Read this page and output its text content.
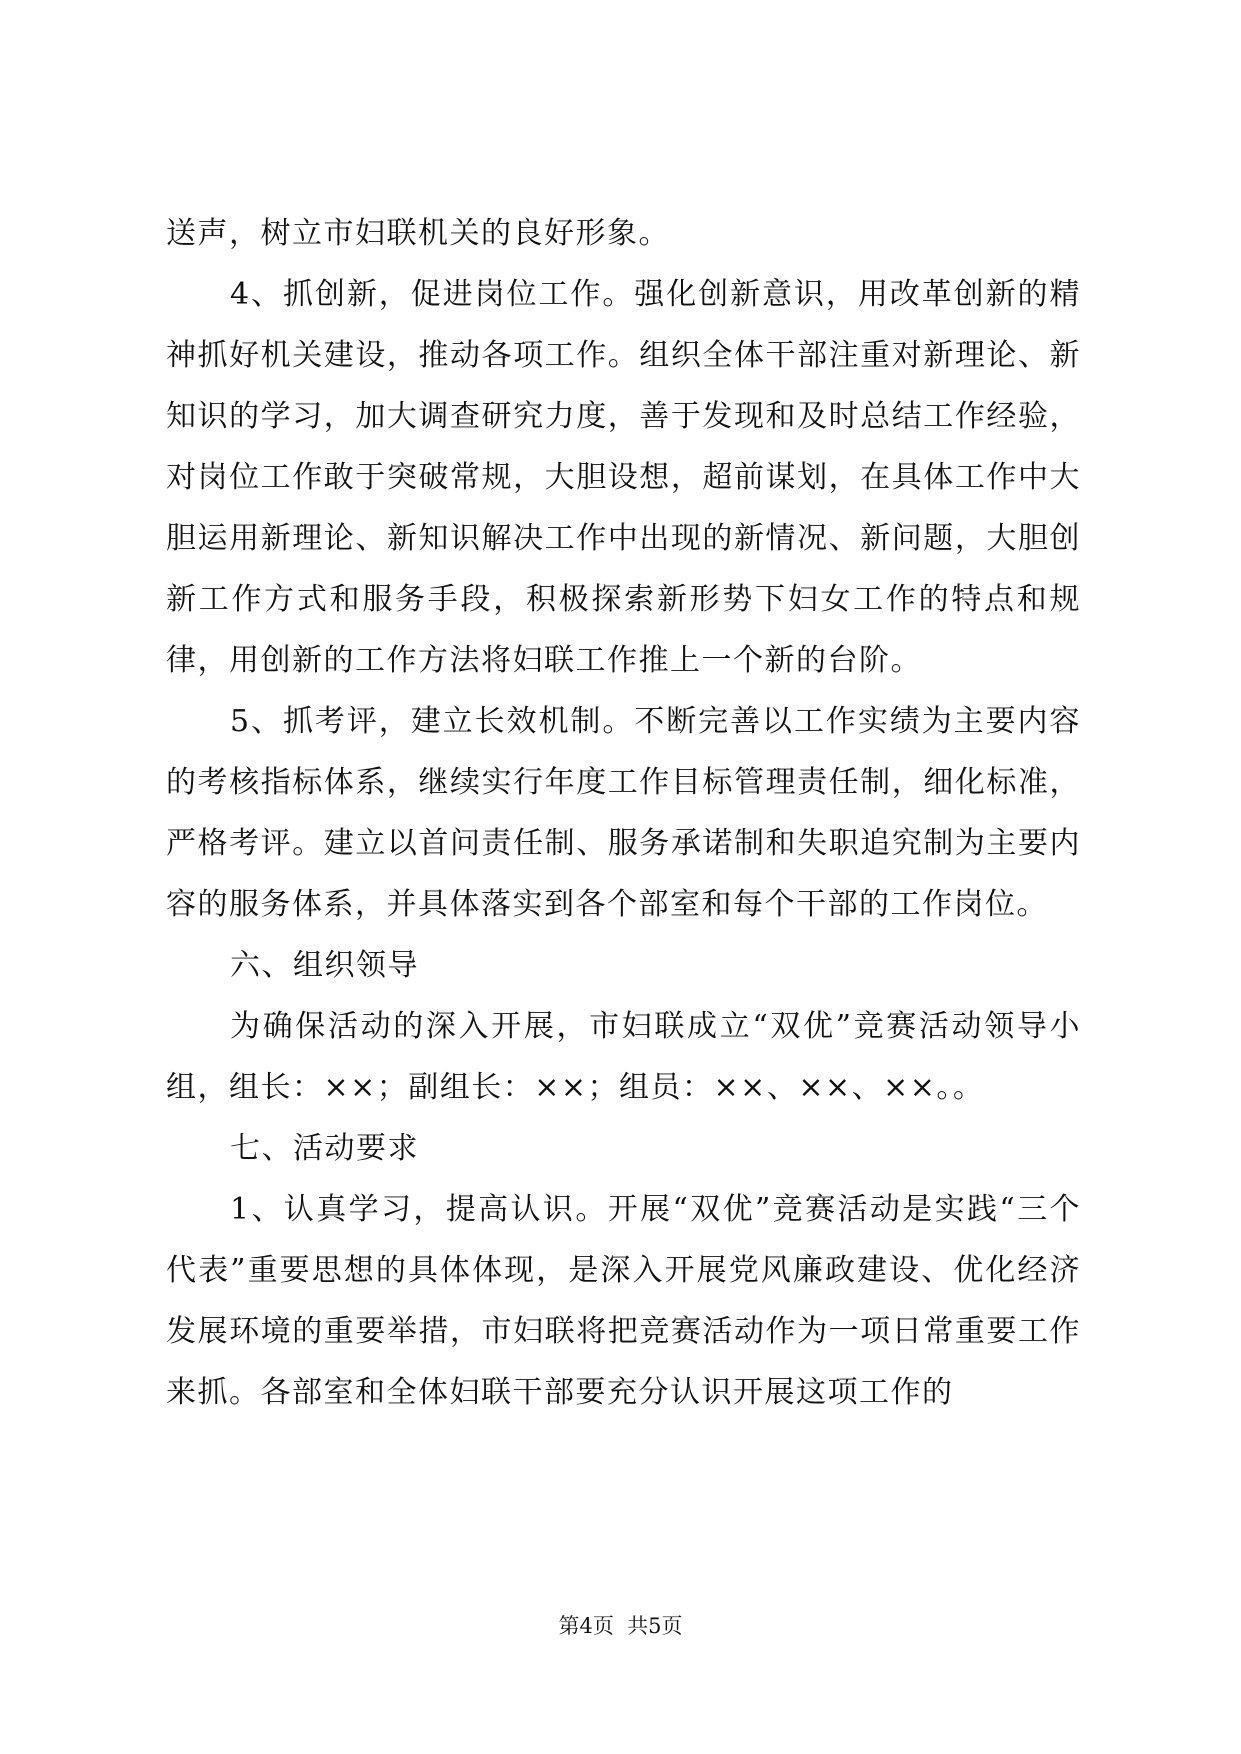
送声，树立市妇联机关的良好形象。

4、抓创新，促进岗位工作。强化创新意识，用改革创新的精神抓好机关建设，推动各项工作。组织全体干部注重对新理论、新知识的学习，加大调查研究力度，善于发现和及时总结工作经验，对岗位工作敢于突破常规，大胆设想，超前谋划，在具体工作中大胆运用新理论、新知识解决工作中出现的新情况、新问题，大胆创新工作方式和服务手段，积极探索新形势下妇女工作的特点和规律，用创新的工作方法将妇联工作推上一个新的台阶。

5、抓考评，建立长效机制。不断完善以工作实绩为主要内容的考核指标体系，继续实行年度工作目标管理责任制，细化标准，严格考评。建立以首问责任制、服务承诺制和失职追究制为主要内容的服务体系，并具体落实到各个部室和每个干部的工作岗位。

六、组织领导

为确保活动的深入开展，市妇联成立“双优”竞赛活动领导小组，组长：××；副组长：××；组员：××、××、××。。

七、活动要求

1、认真学习，提高认识。开展“双优”竞赛活动是实践“三个代表”重要思想的具体体现，是深入开展党风廉政建设、优化经济发展环境的重要举措，市妇联将把竞赛活动作为一项日常重要工作来抓。各部室和全体妇联干部要充分认识开展这项工作的

第4页  共5页
